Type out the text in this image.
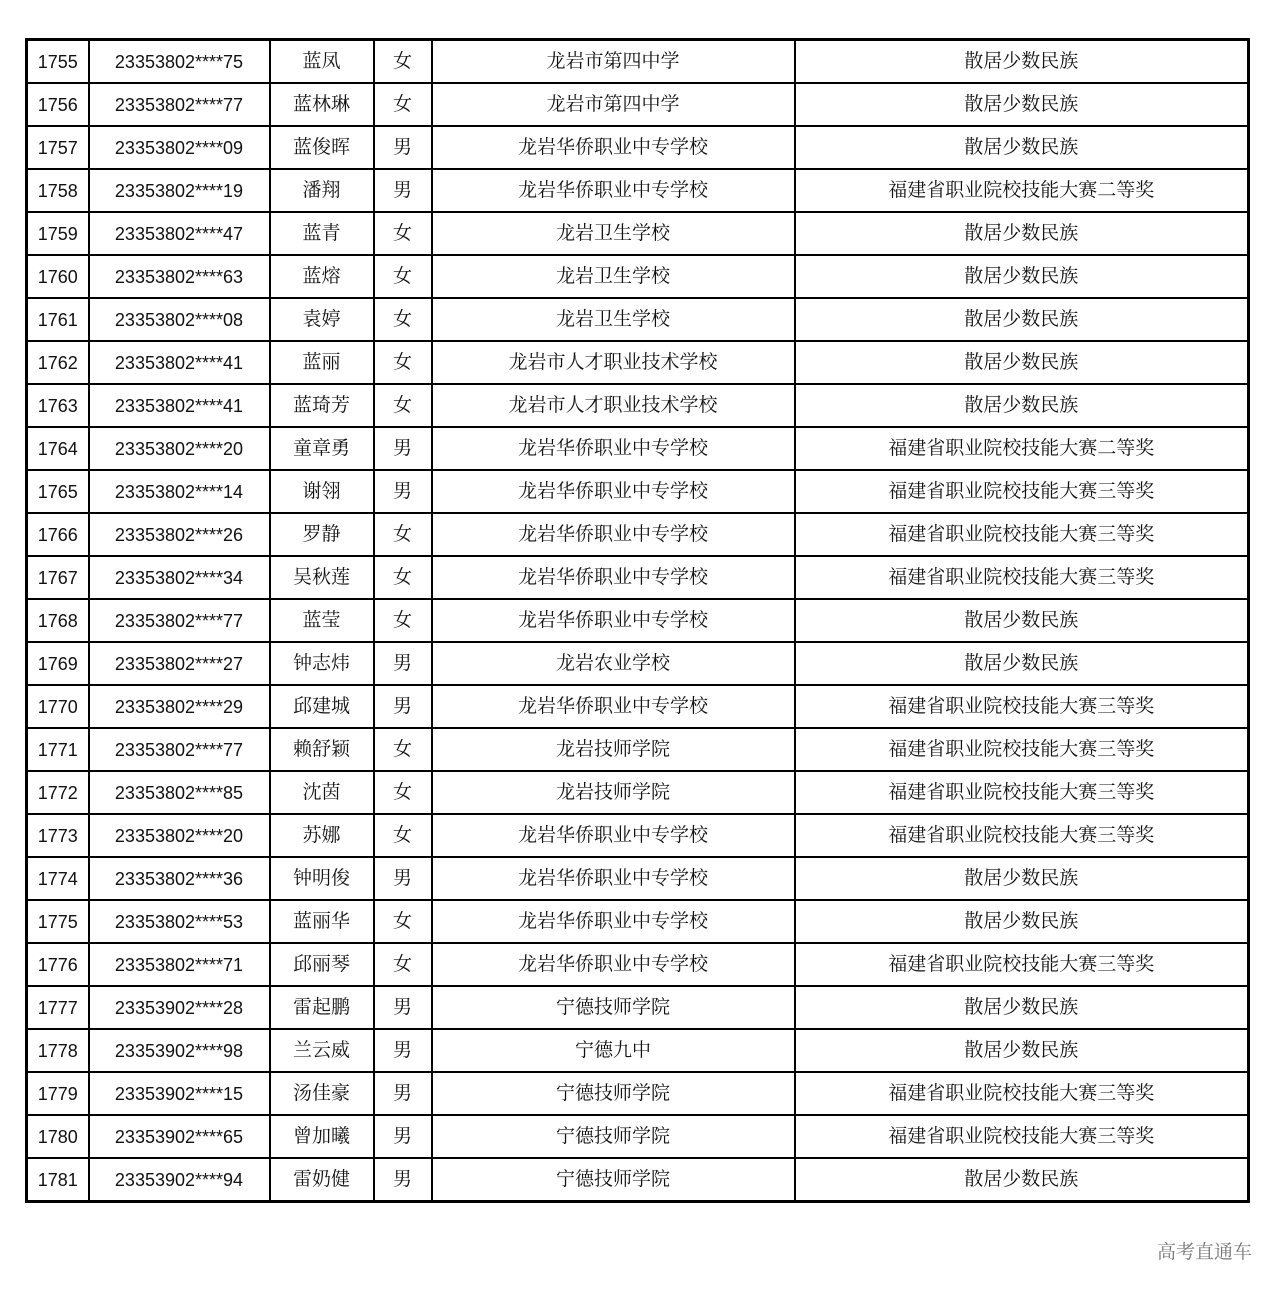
1755	23353802****75	蓝凤	女	龙岩市第四中学	散居少数民族
1756	23353802****77	蓝林琳	女	龙岩市第四中学	散居少数民族
1757	23353802****09	蓝俊晖	男	龙岩华侨职业中专学校	散居少数民族
1758	23353802****19	潘翔	男	龙岩华侨职业中专学校	福建省职业院校技能大赛二等奖
1759	23353802****47	蓝青	女	龙岩卫生学校	散居少数民族
1760	23353802****63	蓝熔	女	龙岩卫生学校	散居少数民族
1761	23353802****08	袁婷	女	龙岩卫生学校	散居少数民族
1762	23353802****41	蓝丽	女	龙岩市人才职业技术学校	散居少数民族
1763	23353802****41	蓝琦芳	女	龙岩市人才职业技术学校	散居少数民族
1764	23353802****20	童章勇	男	龙岩华侨职业中专学校	福建省职业院校技能大赛二等奖
1765	23353802****14	谢翎	男	龙岩华侨职业中专学校	福建省职业院校技能大赛三等奖
1766	23353802****26	罗静	女	龙岩华侨职业中专学校	福建省职业院校技能大赛三等奖
1767	23353802****34	吴秋莲	女	龙岩华侨职业中专学校	福建省职业院校技能大赛三等奖
1768	23353802****77	蓝莹	女	龙岩华侨职业中专学校	散居少数民族
1769	23353802****27	钟志炜	男	龙岩农业学校	散居少数民族
1770	23353802****29	邱建城	男	龙岩华侨职业中专学校	福建省职业院校技能大赛三等奖
1771	23353802****77	赖舒颖	女	龙岩技师学院	福建省职业院校技能大赛三等奖
1772	23353802****85	沈茵	女	龙岩技师学院	福建省职业院校技能大赛三等奖
1773	23353802****20	苏娜	女	龙岩华侨职业中专学校	福建省职业院校技能大赛三等奖
1774	23353802****36	钟明俊	男	龙岩华侨职业中专学校	散居少数民族
1775	23353802****53	蓝丽华	女	龙岩华侨职业中专学校	散居少数民族
1776	23353802****71	邱丽琴	女	龙岩华侨职业中专学校	福建省职业院校技能大赛三等奖
1777	23353902****28	雷起鹏	男	宁德技师学院	散居少数民族
1778	23353902****98	兰云威	男	宁德九中	散居少数民族
1779	23353902****15	汤佳豪	男	宁德技师学院	福建省职业院校技能大赛三等奖
1780	23353902****65	曾加曦	男	宁德技师学院	福建省职业院校技能大赛三等奖
1781	23353902****94	雷奶健	男	宁德技师学院	散居少数民族
高考直通车
